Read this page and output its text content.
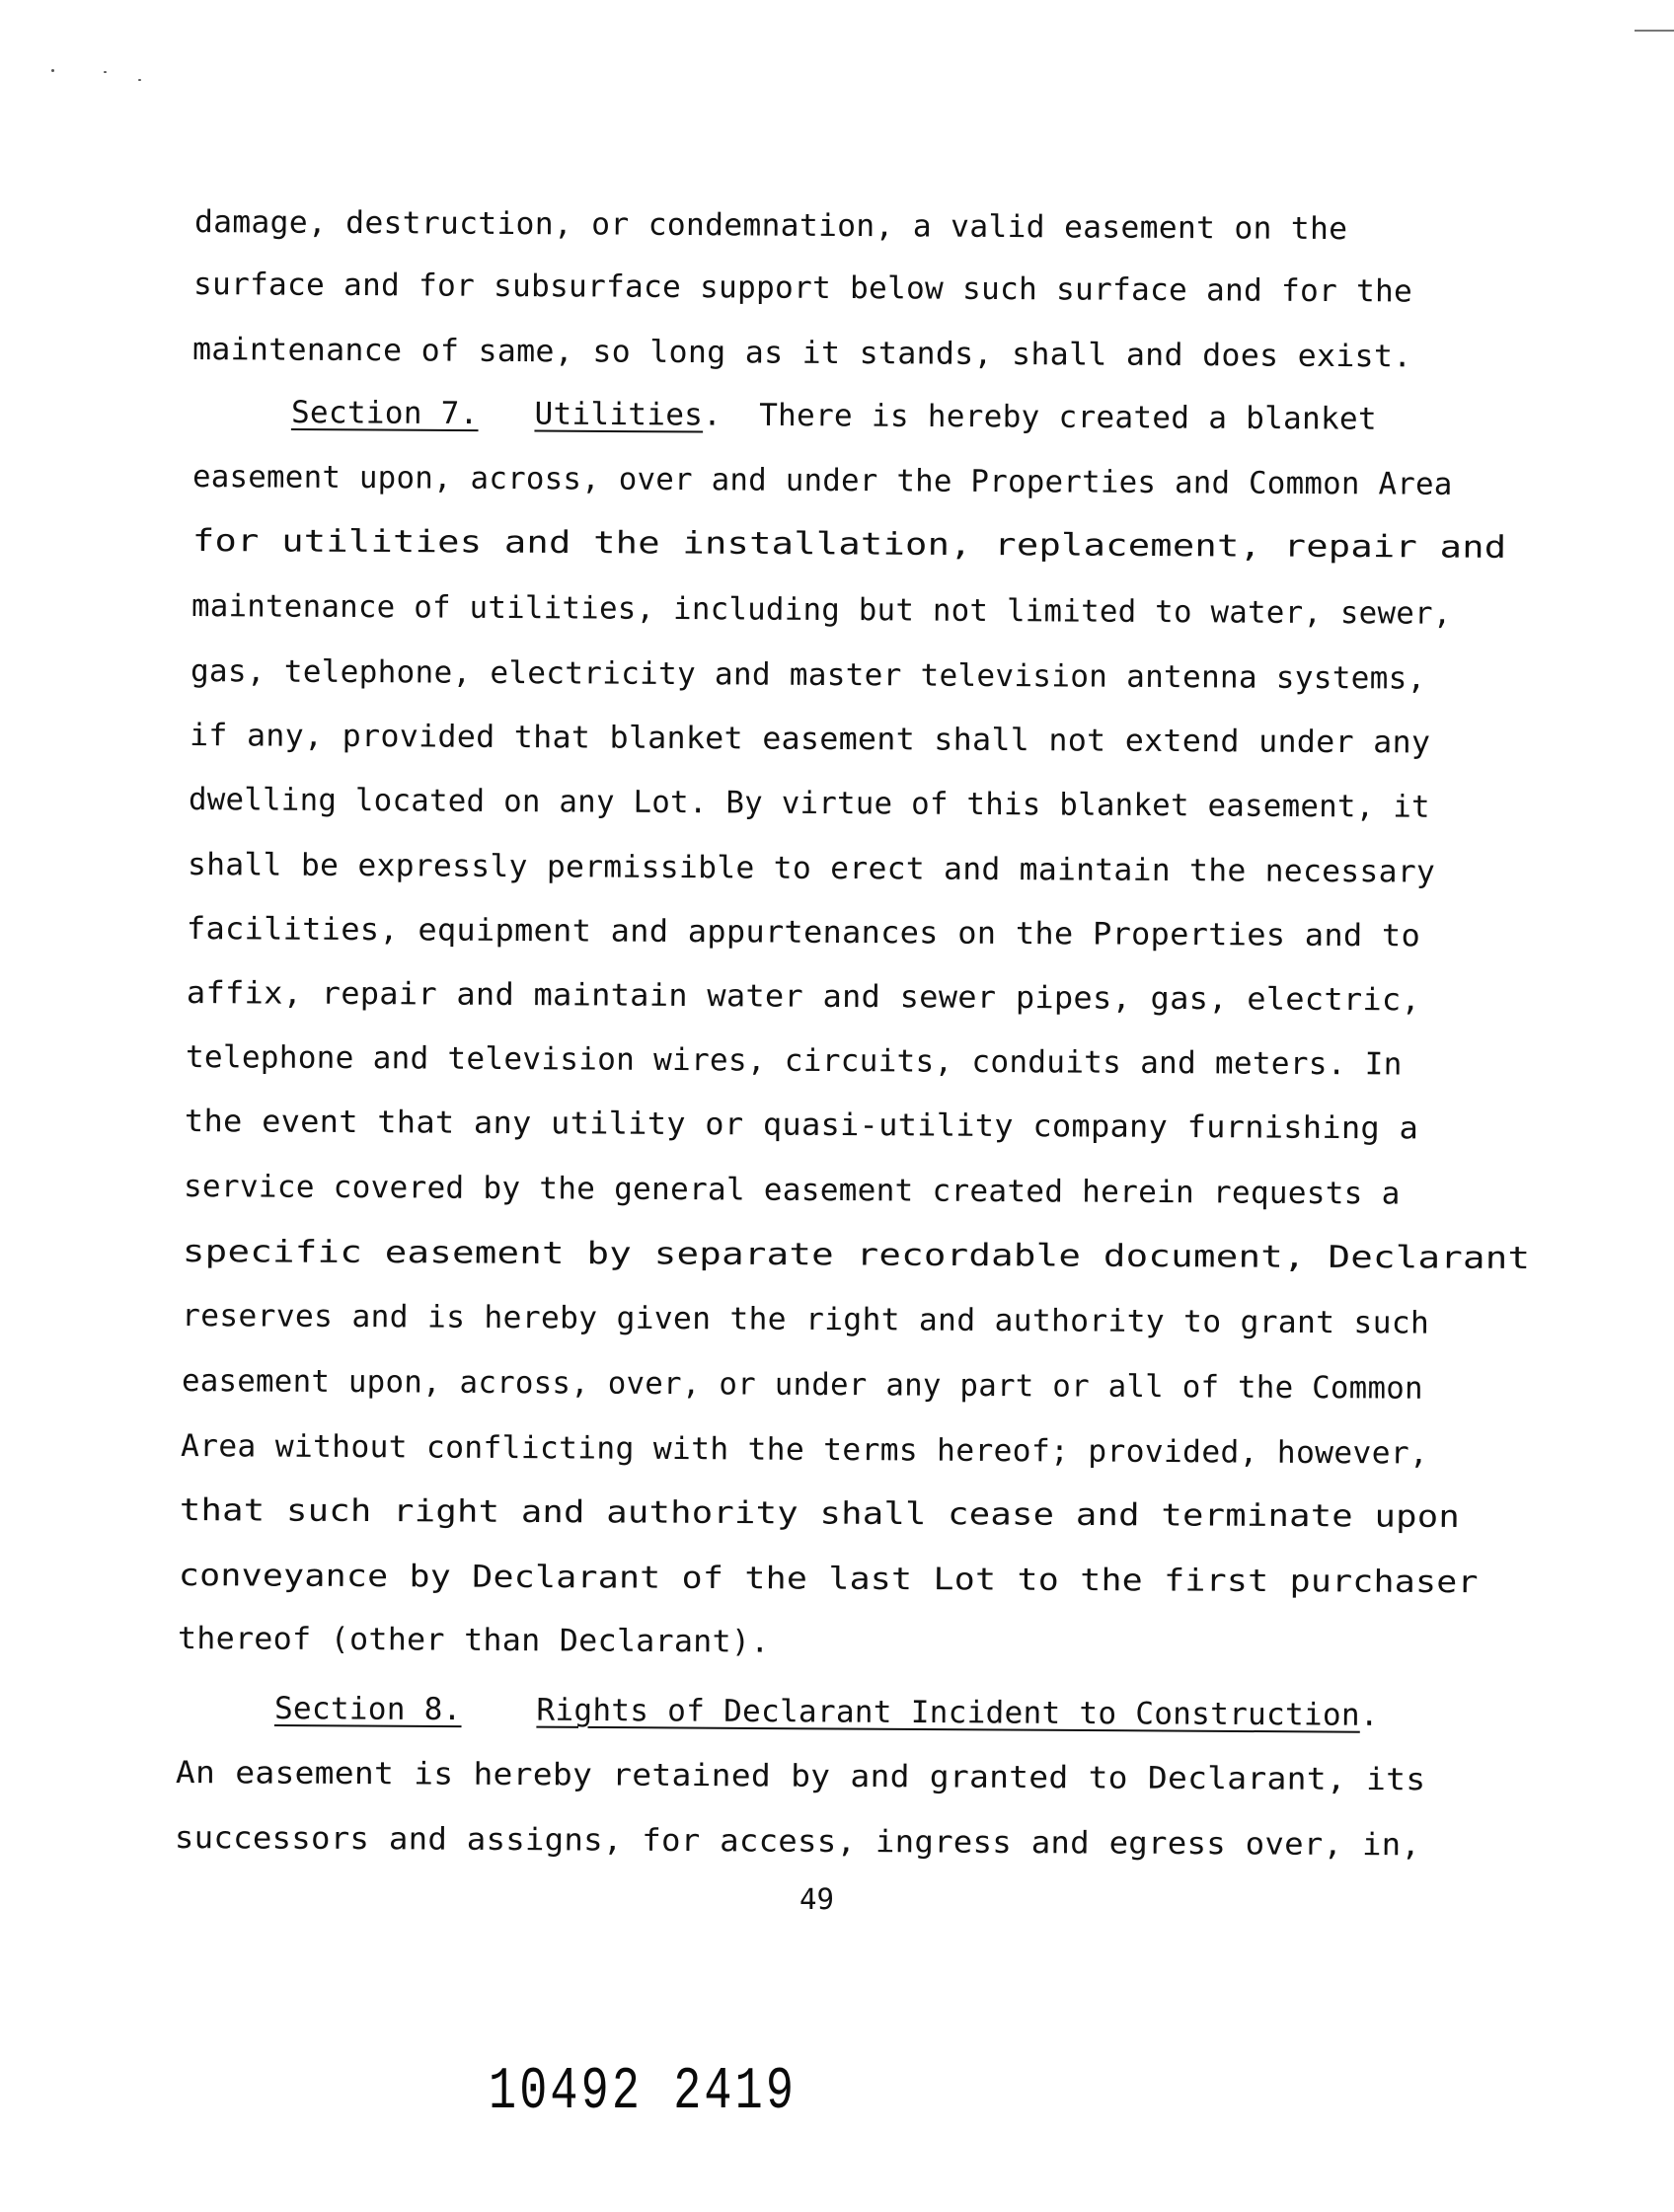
damage, destruction, or condemnation, a valid easement on the
surface and for subsurface support below such surface and for the
maintenance of same, so long as it stands, shall and does exist.
Section 7. Utilities. There is hereby created a blanket
easement upon, across, over and under the Properties and Common Area
for utilities and the installation, replacement, repair and
maintenance of utilities, including but not limited to water, sewer,
gas, telephone, electricity and master television antenna systems,
if any, provided that blanket easement shall not extend under any
dwelling located on any Lot. By virtue of this blanket easement, it
shall be expressly permissible to erect and maintain the necessary
facilities, equipment and appurtenances on the Properties and to
affix, repair and maintain water and sewer pipes, gas, electric,
telephone and television wires, circuits, conduits and meters. In
the event that any utility or quasi-utility company furnishing a
service covered by the general easement created herein requests a
specific easement by separate recordable document, Declarant
reserves and is hereby given the right and authority to grant such
easement upon, across, over, or under any part or all of the Common
Area without conflicting with the terms hereof; provided, however,
that such right and authority shall cease and terminate upon
conveyance by Declarant of the last Lot to the first purchaser
thereof (other than Declarant).
Section 8. Rights of Declarant Incident to Construction.
An easement is hereby retained by and granted to Declarant, its
successors and assigns, for access, ingress and egress over, in,
49
10492 2419
